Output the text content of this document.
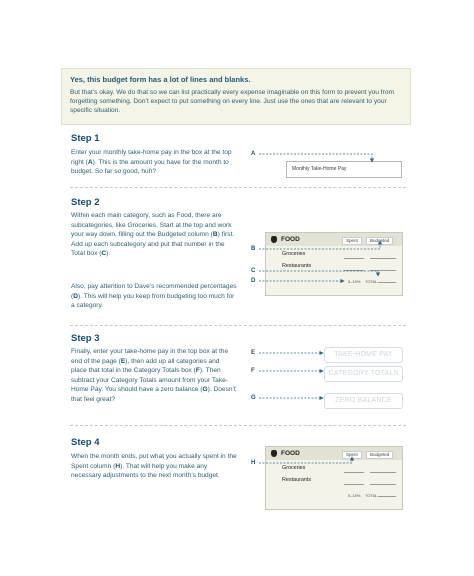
Yes, this budget form has a lot of lines and blanks.
But that’s okay. We do that so we can list practically every expense imaginable on this form to prevent you from forgetting something. Don’t expect to put something on every line. Just use the ones that are relevant to your specific situation.
Step 1
Enter your monthly take-home pay in the box at the top right (A). This is the amount you have for the month to budget. So far so good, huh?
A
Monthly Take-Home Pay
Step 2
Within each main category, such as Food, there are subcategories, like Groceries. Start at the top and work your way down, filling out the Budgeted column (B) first. Add up each subcategory and put that number in the Total box (C).
Also, pay attention to Dave’s recommended percentages (D). This will help you keep from budgeting too much for a category.
B
C
D
FOOD	Spent	Budgeted
Groceries
Restaurants
5–15% TOTAL
Step 3
Finally, enter your take-home pay in the top box at the end of the page (E), then add up all categories and place that total in the Category Totals box (F). Then subtract your Category Totals amount from your Take-Home Pay. You should have a zero balance (G). Doesn’t that feel great?
E
F
G
TAKE-HOME PAY
CATEGORY TOTALS
ZERO BALANCE
Step 4
When the month ends, put what you actually spent in the Spent column (H). That will help you make any necessary adjustments to the next month’s budget.
H
FOOD	Spent	Budgeted
Groceries
Restaurants
5–15% TOTAL
